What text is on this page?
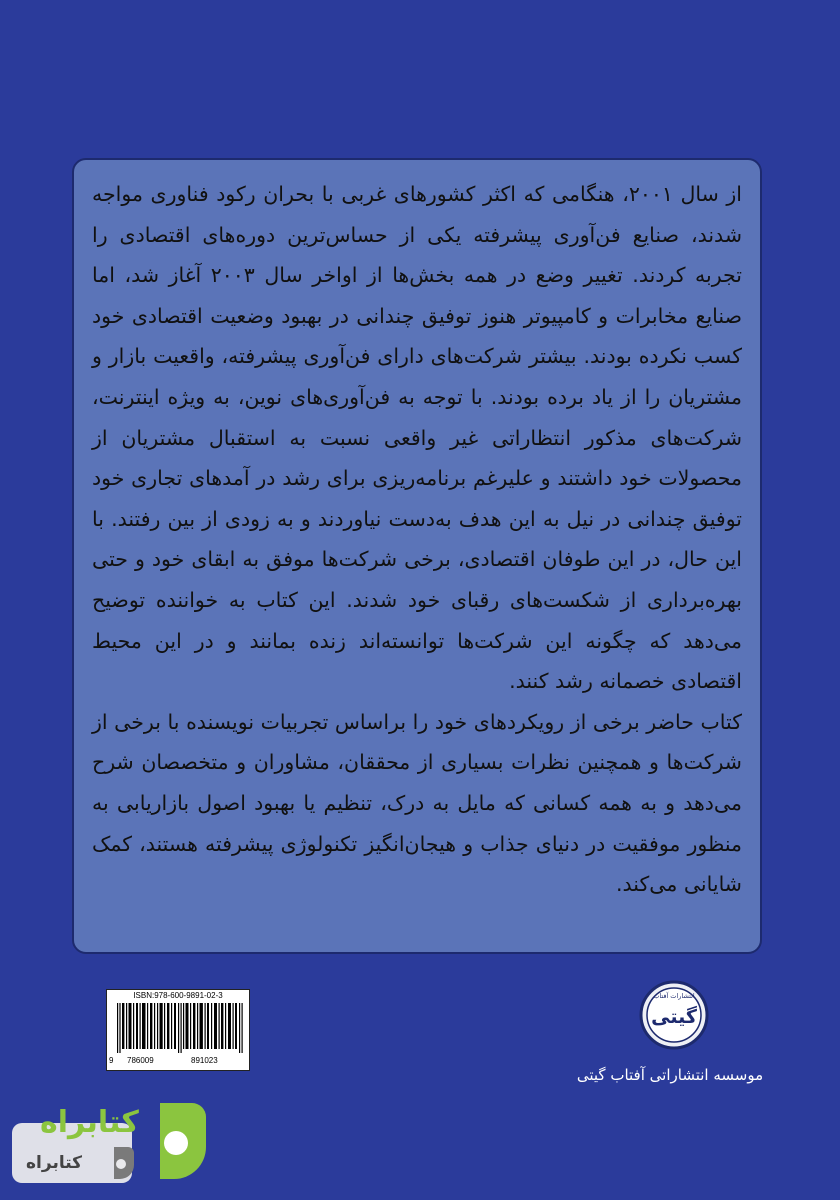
از سال ۲۰۰۱، هنگامی که اکثر کشورهای غربی با بحران رکود فناوری مواجه شدند، صنایع فن‌آوری پیشرفته یکی از حساس‌ترین دوره‌های اقتصادی را تجربه کردند. تغییر وضع در همه بخش‌ها از اواخر سال ۲۰۰۳ آغاز شد، اما صنایع مخابرات و کامپیوتر هنوز توفیق چندانی در بهبود وضعیت اقتصادی خود کسب نکرده بودند. بیشتر شرکت‌های دارای فن‌آوری پیشرفته، واقعیت بازار و مشتریان را از یاد برده بودند. با توجه به فن‌آوری‌های نوین، به ویژه اینترنت، شرکت‌های مذکور انتظاراتی غیر واقعی نسبت به استقبال مشتریان از محصولات خود داشتند و علیرغم برنامه‌ریزی برای رشد در آمدهای تجاری خود توفیق چندانی در نیل به این هدف به‌دست نیاوردند و به زودی از بین رفتند. با این حال، در این طوفان اقتصادی، برخی شرکت‌ها موفق به ابقای خود و حتی بهره‌برداری از شکست‌های رقبای خود شدند. این کتاب به خواننده توضیح می‌دهد که چگونه این شرکت‌ها توانسته‌اند زنده بمانند و در این محیط اقتصادی خصمانه رشد کنند.

کتاب حاضر برخی از رویکردهای خود را براساس تجربیات نویسنده با برخی از شرکت‌ها و همچنین نظرات بسیاری از محققان، مشاوران و متخصصان شرح می‌دهد و به همه کسانی که مایل به درک، تنظیم یا بهبود اصول بازاریابی به منظور موفقیت در دنیای جذاب و هیجان‌انگیز تکنولوژی پیشرفته هستند، کمک شایانی می‌کند.

ISBN:978-600-9891-02-3
9 786009	891023
گیتی
انتشارات آفتاب
موسسه انتشاراتی آفتاب گیتی
کتابراه
کتابراه
